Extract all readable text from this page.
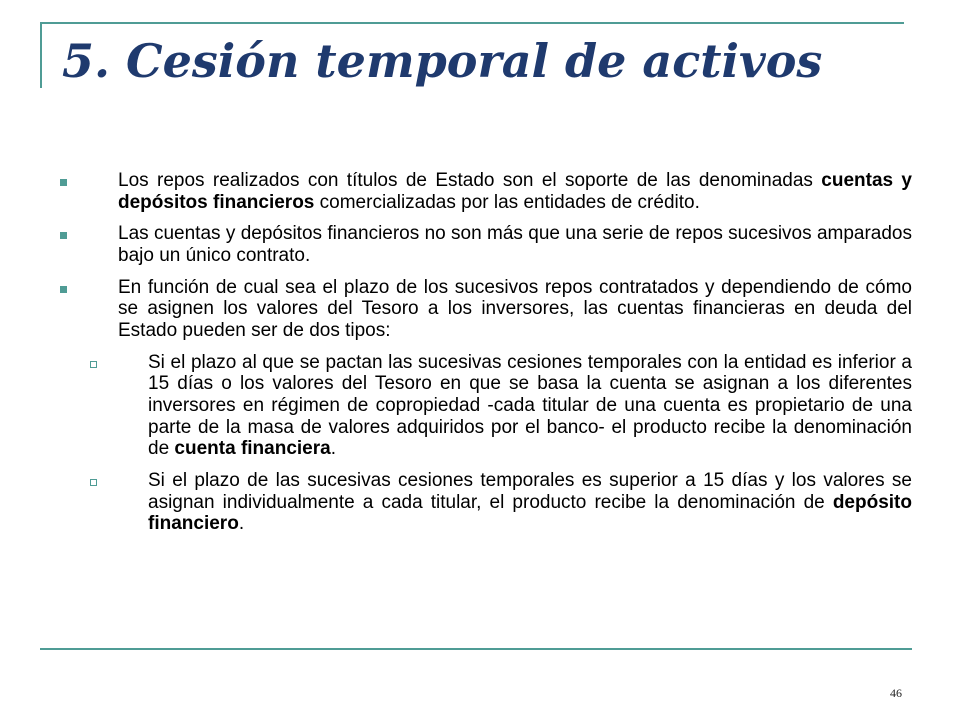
5. Cesión temporal de activos
Los repos realizados con títulos de Estado son el soporte de las denominadas cuentas y depósitos financieros comercializadas por las entidades de crédito.
Las cuentas y depósitos financieros no son más que una serie de repos sucesivos amparados bajo un único contrato.
En función de cual sea el plazo de los sucesivos repos contratados y dependiendo de cómo se asignen los valores del Tesoro a los inversores, las cuentas financieras en deuda del Estado pueden ser de dos tipos:
Si el plazo al que se pactan las sucesivas cesiones temporales con la entidad es inferior a 15 días o los valores del Tesoro en que se basa la cuenta se asignan a los diferentes inversores en régimen de copropiedad -cada titular de una cuenta es propietario de una parte de la masa de valores adquiridos por el banco- el producto recibe la denominación de cuenta financiera.
Si el plazo de las sucesivas cesiones temporales es superior a 15 días y los valores se asignan individualmente a cada titular, el producto recibe la denominación de depósito financiero.
46
